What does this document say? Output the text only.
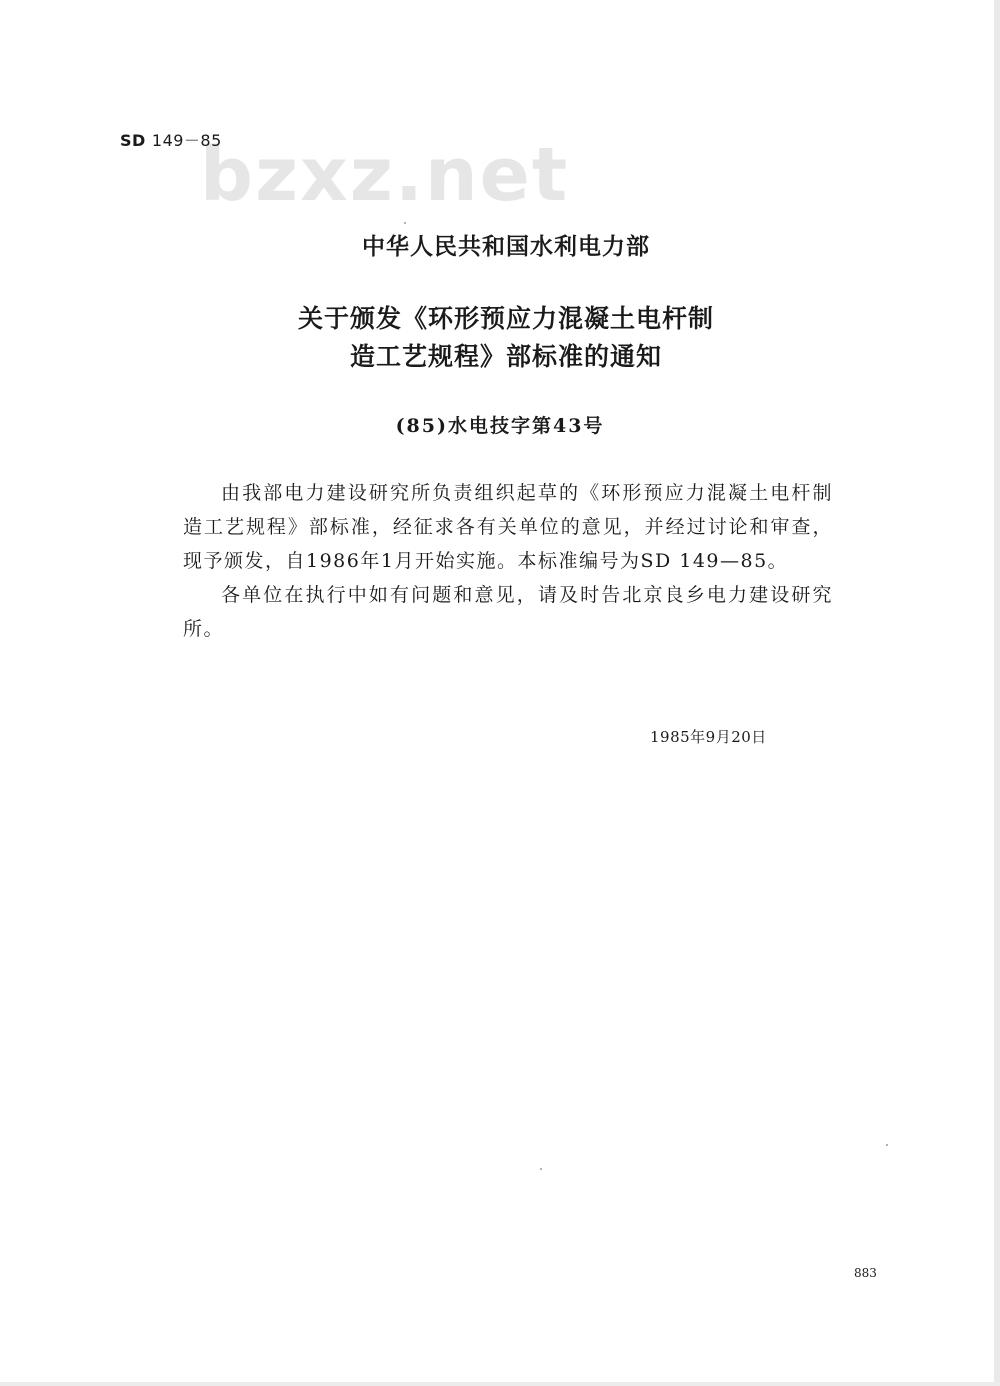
bzxz.net
SD 149－85
中华人民共和国水利电力部
关于颁发《环形预应力混凝土电杆制
造工艺规程》部标准的通知
(85)水电技字第43号

由我部电力建设研究所负责组织起草的《环形预应力混凝土电杆制造工艺规程》部标准，经征求各有关单位的意见，并经过讨论和审查，现予颁发，自1986年1月开始实施。本标准编号为SD 149—85。

各单位在执行中如有问题和意见，请及时告北京良乡电力建设研究所。

1985年9月20日
883
